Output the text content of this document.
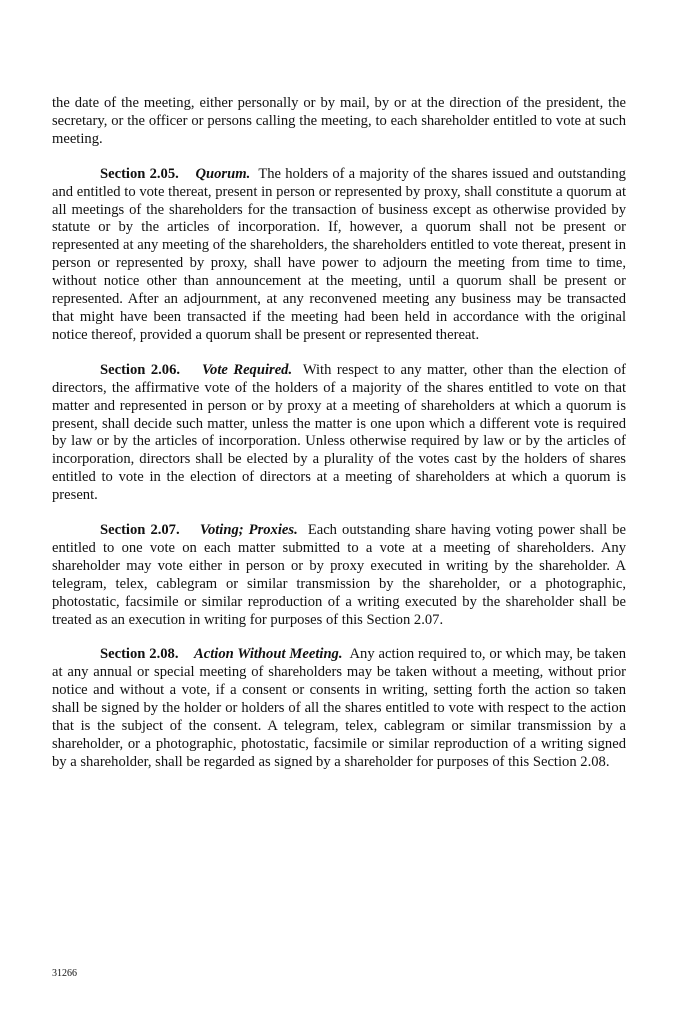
the date of the meeting, either personally or by mail, by or at the direction of the president, the secretary, or the officer or persons calling the meeting, to each shareholder entitled to vote at such meeting.

Section 2.05. Quorum. The holders of a majority of the shares issued and outstanding and entitled to vote thereat, present in person or represented by proxy, shall constitute a quorum at all meetings of the shareholders for the transaction of business except as otherwise provided by statute or by the articles of incorporation. If, however, a quorum shall not be present or represented at any meeting of the shareholders, the shareholders entitled to vote thereat, present in person or represented by proxy, shall have power to adjourn the meeting from time to time, without notice other than announcement at the meeting, until a quorum shall be present or represented. After an adjournment, at any reconvened meeting any business may be transacted that might have been transacted if the meeting had been held in accordance with the original notice thereof, provided a quorum shall be present or represented thereat.

Section 2.06. Vote Required. With respect to any matter, other than the election of directors, the affirmative vote of the holders of a majority of the shares entitled to vote on that matter and represented in person or by proxy at a meeting of shareholders at which a quorum is present, shall decide such matter, unless the matter is one upon which a different vote is required by law or by the articles of incorporation. Unless otherwise required by law or by the articles of incorporation, directors shall be elected by a plurality of the votes cast by the holders of shares entitled to vote in the election of directors at a meeting of shareholders at which a quorum is present.

Section 2.07. Voting; Proxies. Each outstanding share having voting power shall be entitled to one vote on each matter submitted to a vote at a meeting of shareholders. Any shareholder may vote either in person or by proxy executed in writing by the shareholder. A telegram, telex, cablegram or similar transmission by the shareholder, or a photographic, photostatic, facsimile or similar reproduction of a writing executed by the shareholder shall be treated as an execution in writing for purposes of this Section 2.07.

Section 2.08. Action Without Meeting. Any action required to, or which may, be taken at any annual or special meeting of shareholders may be taken without a meeting, without prior notice and without a vote, if a consent or consents in writing, setting forth the action so taken shall be signed by the holder or holders of all the shares entitled to vote with respect to the action that is the subject of the consent. A telegram, telex, cablegram or similar transmission by a shareholder, or a photographic, photostatic, facsimile or similar reproduction of a writing signed by a shareholder, shall be regarded as signed by a shareholder for purposes of this Section 2.08.

31266
